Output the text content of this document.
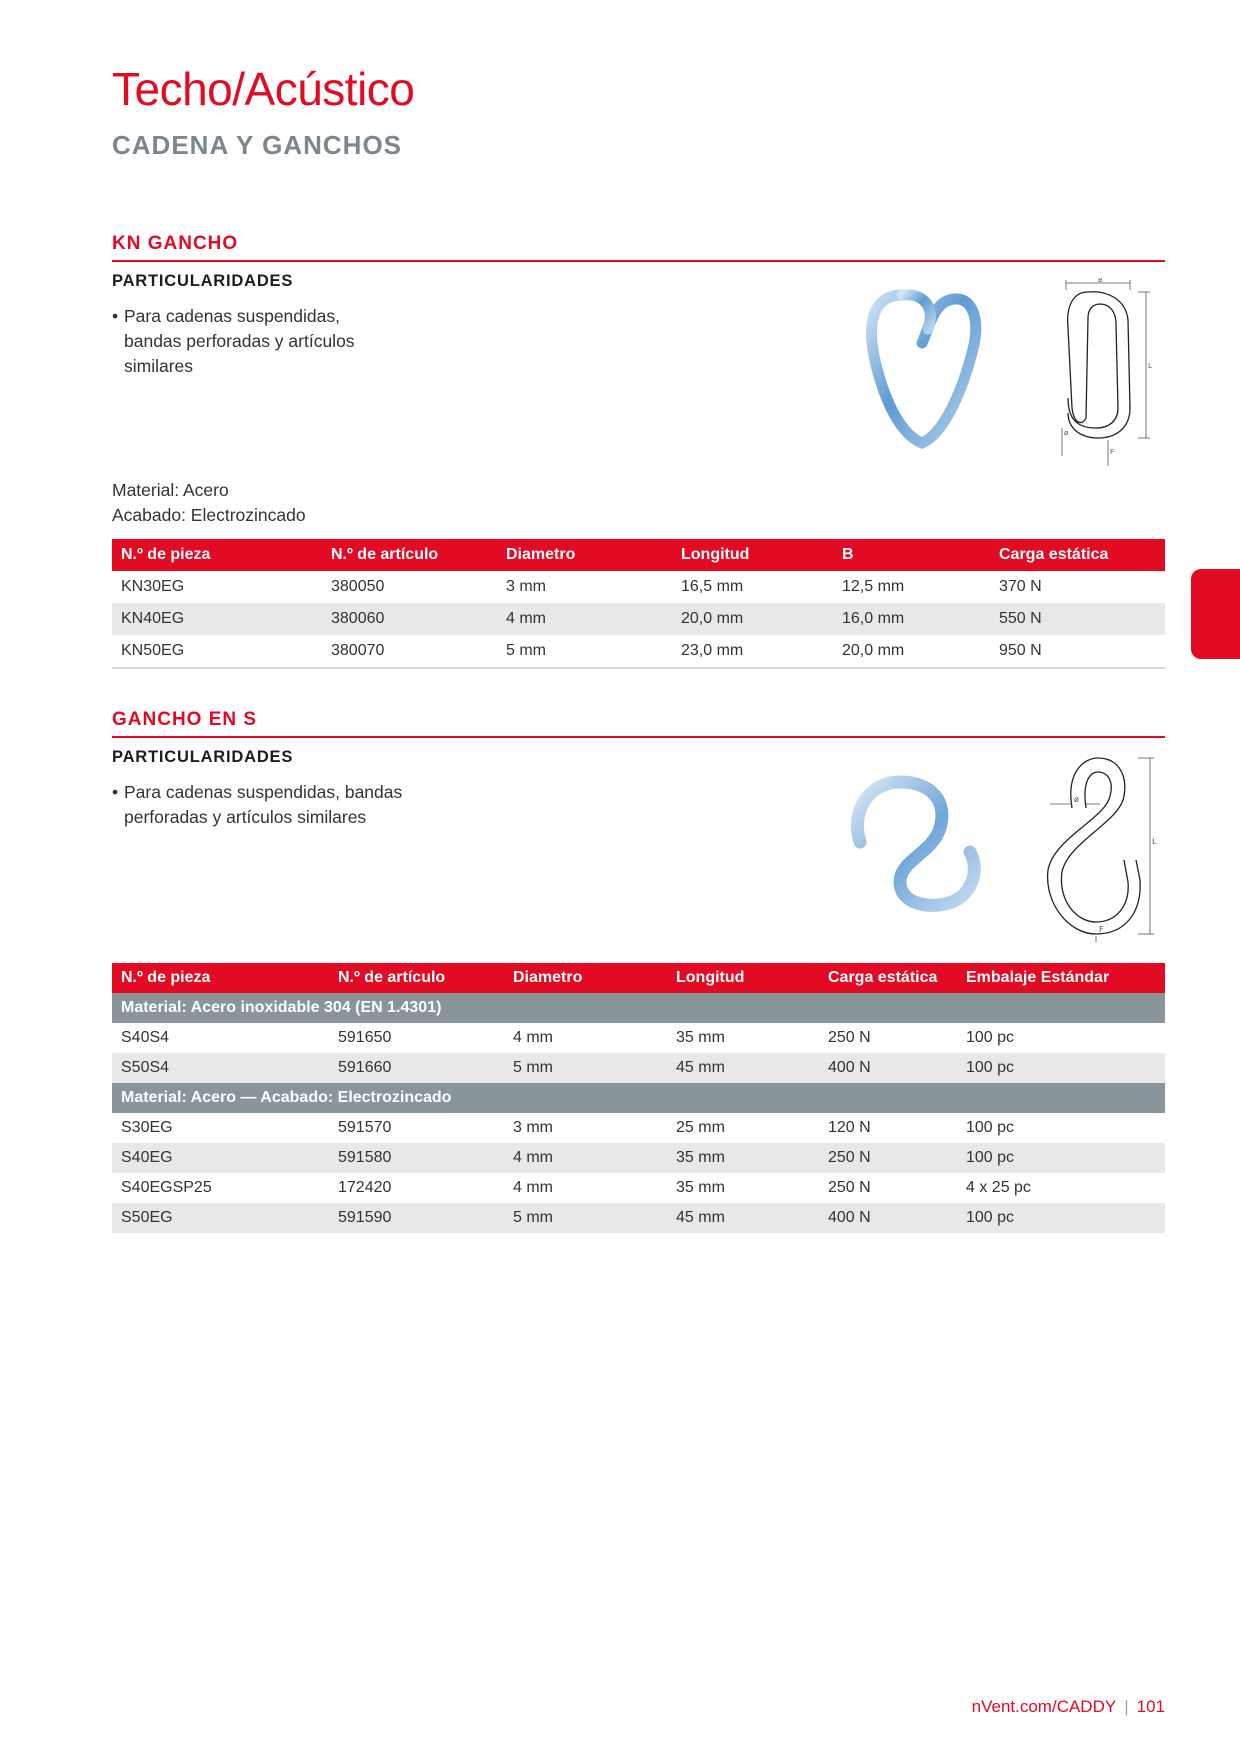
Techo/Acústico
CADENA Y GANCHOS
KN GANCHO
PARTICULARIDADES
• Para cadenas suspendidas, bandas perforadas y artículos similares
B
L
ø
F
Material: Acero
Acabado: Electrozincado
N.º de pieza	N.º de artículo	Diametro	Longitud	B	Carga estática
KN30EG	380050	3 mm	16,5 mm	12,5 mm	370 N
KN40EG	380060	4 mm	20,0 mm	16,0 mm	550 N
KN50EG	380070	5 mm	23,0 mm	20,0 mm	950 N
GANCHO EN S
PARTICULARIDADES
• Para cadenas suspendidas, bandas perforadas y artículos similares
ø
L
F
N.º de pieza	N.º de artículo	Diametro	Longitud	Carga estática	Embalaje Estándar
Material: Acero inoxidable 304 (EN 1.4301)					
S40S4	591650	4 mm	35 mm	250 N	100 pc
S50S4	591660	5 mm	45 mm	400 N	100 pc
Material: Acero — Acabado: Electrozincado					
S30EG	591570	3 mm	25 mm	120 N	100 pc
S40EG	591580	4 mm	35 mm	250 N	100 pc
S40EGSP25	172420	4 mm	35 mm	250 N	4 x 25 pc
S50EG	591590	5 mm	45 mm	400 N	100 pc
nVent.com/CADDY | 101
